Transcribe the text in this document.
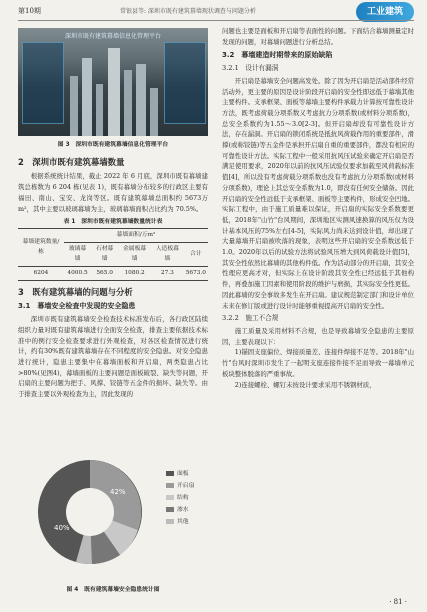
第10期	常银县等: 深圳市既有建筑幕墙现状调查与问题分析	工业建筑
深圳市既有建筑幕墙信息化管理平台

图 3　深圳市既有建筑幕墙信息化管理平台

2　深圳市既有建筑幕墙数量

根据系统统计结果，截止 2022 年 6 月底，深圳市既有幕墙建筑总栋数为 6 204 栋(见表 1)，既有幕墙分布较多的行政区主要有福田、南山、宝安、龙岗等区。既有建筑幕墙总面积约 5673万 m²，其中主要以玻璃幕墙为主，玻璃幕墙面积占比约为 70.5%。

表 1　深圳市既有建筑幕墙数量统计表

幕墙建筑数量/栋	幕墙面积/万m²				
	玻璃幕墙	石材幕墙	金属板幕墙	人造板幕墙	合计
6204	4000.5	565.0	1080.2	27.3	5673.0
3　既有建筑幕墙的问题与分析
3.1　幕墙安全检查中发现的安全隐患

深圳市既有建筑幕墙安全检查技术标准发布后，各行政区陆续组织力量对既有建筑幕墙进行全面安全检查，排查主要依据技术标准中的例行安全检查要求进行外观检查，对各区检查情况进行统计，约有30%既有建筑幕墙存在不同程度的安全隐患。对安全隐患进行统计，隐患主要集中在幕墙面板和开启扇，两类隐患占比>80%(见图4)，幕墙面板的主要问题是面板破裂、缺失等问题，开启扇的主要问题为把手、风撑、铰链等五金件的损坏、缺失等。由于排查主要以外观检查为主，因此发现的

40%
42%
面板
开启扇
结构
渗水
其他

图 4　既有建筑幕墙安全隐患统计图

问题也主要是面板和开启扇等表面性的问题。下面结合幕墙测量定时发现的问题，对幕墙问题进行分析总结。

3.2　幕墙建造时期带来的原始缺陷
3.2.1　设计有漏洞

开启扇是幕墙安全问题高发处。除了因为开启扇是活动部件经常活动外，更主要的原因是设计阶段开启扇的安全性即远低于幕墙其他主要构件。支承框架、面板等幕墙主要构件承载力计算按可靠性设计方法，既考虑荷载分项系数又考虑抗力分项系数(或材料分项系数)，总安全系数约为1.55～3.0[2-3]。但开启扇却没有可靠性设计方法，存在漏洞。开启扇的锁闭系统是抵抗风荷载作用的重要部件，滑撑(或称铰链)等五金件是承担开启扇自重的重要部件，都没有相应的可靠性设计方法。实际工程中一般采用抗风压试验来确定开启扇是否满足使用要求，2020年以前的抗风压试验仅要求加载至风荷载标准值[4]，所以没有考虑荷载分项系数也没有考虑抗力分项系数(或材料分项系数)，理论上其总安全系数为1.0，即没有任何安全储备。因此开启扇的安全性远低于支承框架、面板等主要构件，形成安全凹地。实际工程中，由于施工质量难以保证，开启扇的实际安全系数要更低，2018年"山竹"台风期间，深圳地区实测风速换算的风压仅为设计基本风压的75%左右[4-5]，实际风力尚未达到设计值，却出现了大量幕墙开启扇被吹落的现象，表明这些开启扇的安全系数远低于1.0。2020年以后的试验方法将试验风压增大到风荷载设计值[5]，其安全性依然比幕墙的其他构件低。作为活动部分的开启扇，其安全性理应更高才对，但实际上在设计阶段其安全性已经远低于其他构件，再叠加施工因素和使用阶段的维护与磨损，其实际安全性更低。因此幕墙的安全事故多发生在开启扇。建议规范制定部门和设计单位未来在修订版或进行设计时能够重视提高开启扇的安全性。

3.2.2　施工不合规

施工质量及采用材料不合规，也是导致幕墙安全隐患的主要原因，主要表现以下：

1)锚固支座偏位、焊接质量差、连接件焊接不足等。2018年"山竹"台风时深圳市发生了一起明支座连接件接不足而导致一幕墙单元板块整体脱落的严重事故。

2)连接螺栓、螺钉未按设计要求采用不锈钢材质，

· 81 ·
